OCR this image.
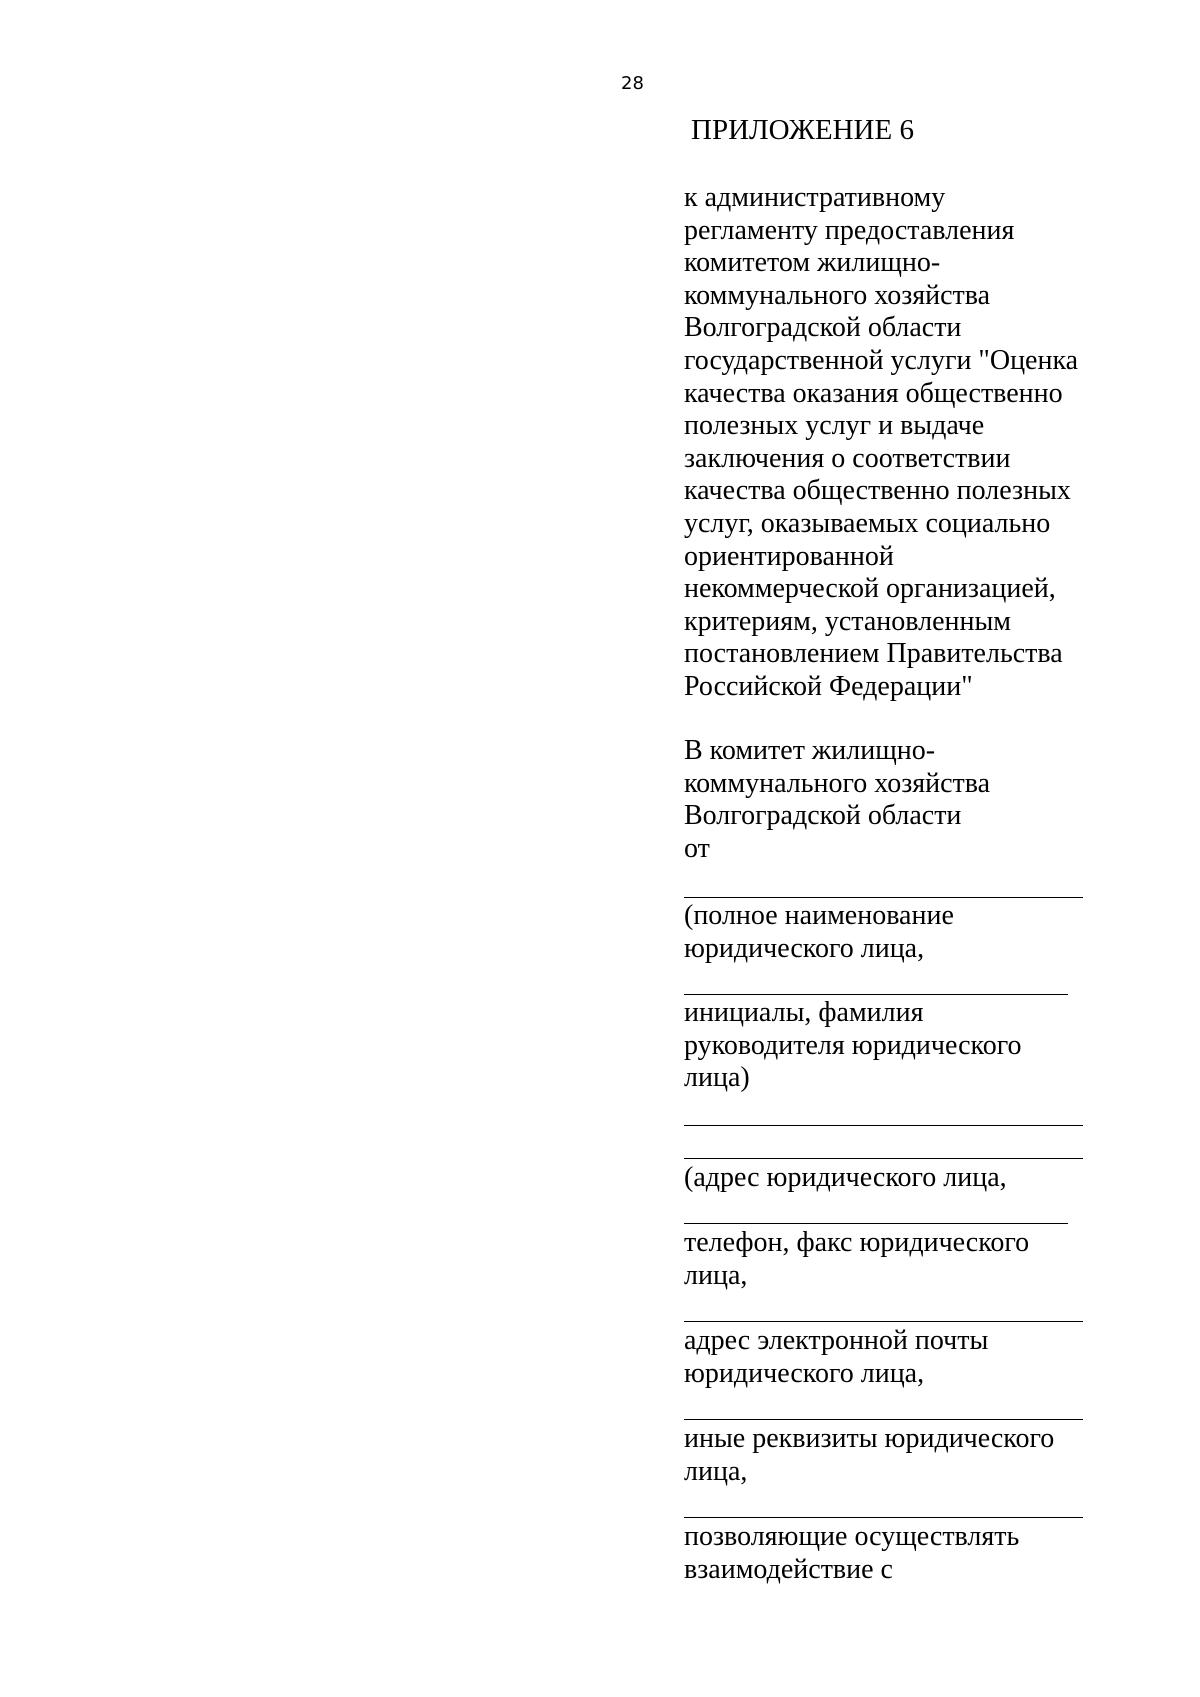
28
ПРИЛОЖЕНИЕ 6
к административному
регламенту предоставления
комитетом жилищно-
коммунального хозяйства
Волгоградской области
государственной услуги "Оценка
качества оказания общественно
полезных услуг и выдаче
заключения о соответствии
качества общественно полезных
услуг, оказываемых социально
ориентированной
некоммерческой организацией,
критериям, установленным
постановлением Правительства
Российской Федерации"
В комитет жилищно-
коммунального хозяйства
Волгоградской области
от
(полное наименование
юридического лица,
инициалы, фамилия
руководителя юридического
лица)
(адрес юридического лица,
телефон, факс юридического
лица,
адрес электронной почты
юридического лица,
иные реквизиты юридического
лица,
позволяющие осуществлять
взаимодействие с
